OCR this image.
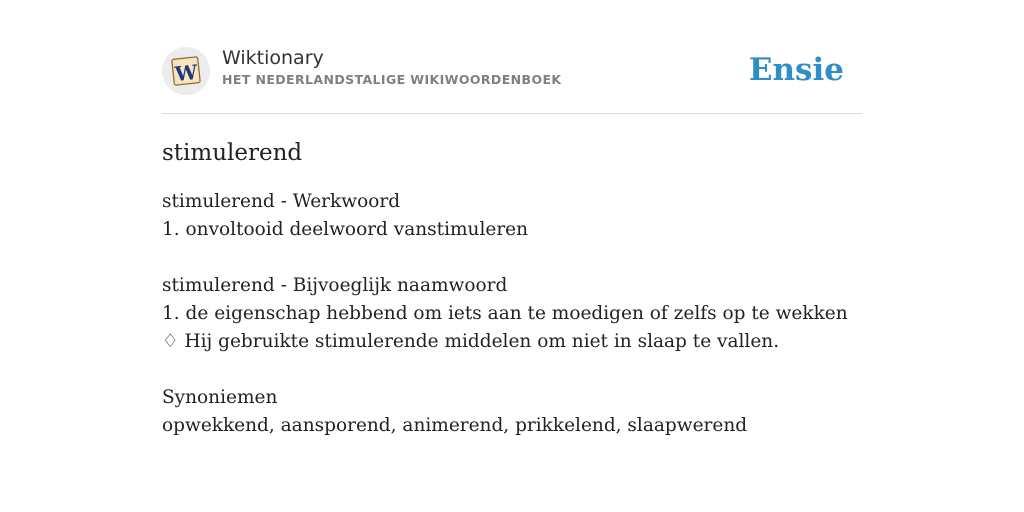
W
Wiktionary
HET NEDERLANDSTALIGE WIKIWOORDENBOEK	Ensie
stimulerend
stimulerend - Werkwoord
1. onvoltooid deelwoord vanstimuleren
stimulerend - Bijvoeglijk naamwoord
1. de eigenschap hebbend om iets aan te moedigen of zelfs op te wekken
♢ Hij gebruikte stimulerende middelen om niet in slaap te vallen.
Synoniemen
opwekkend, aansporend, animerend, prikkelend, slaapwerend
